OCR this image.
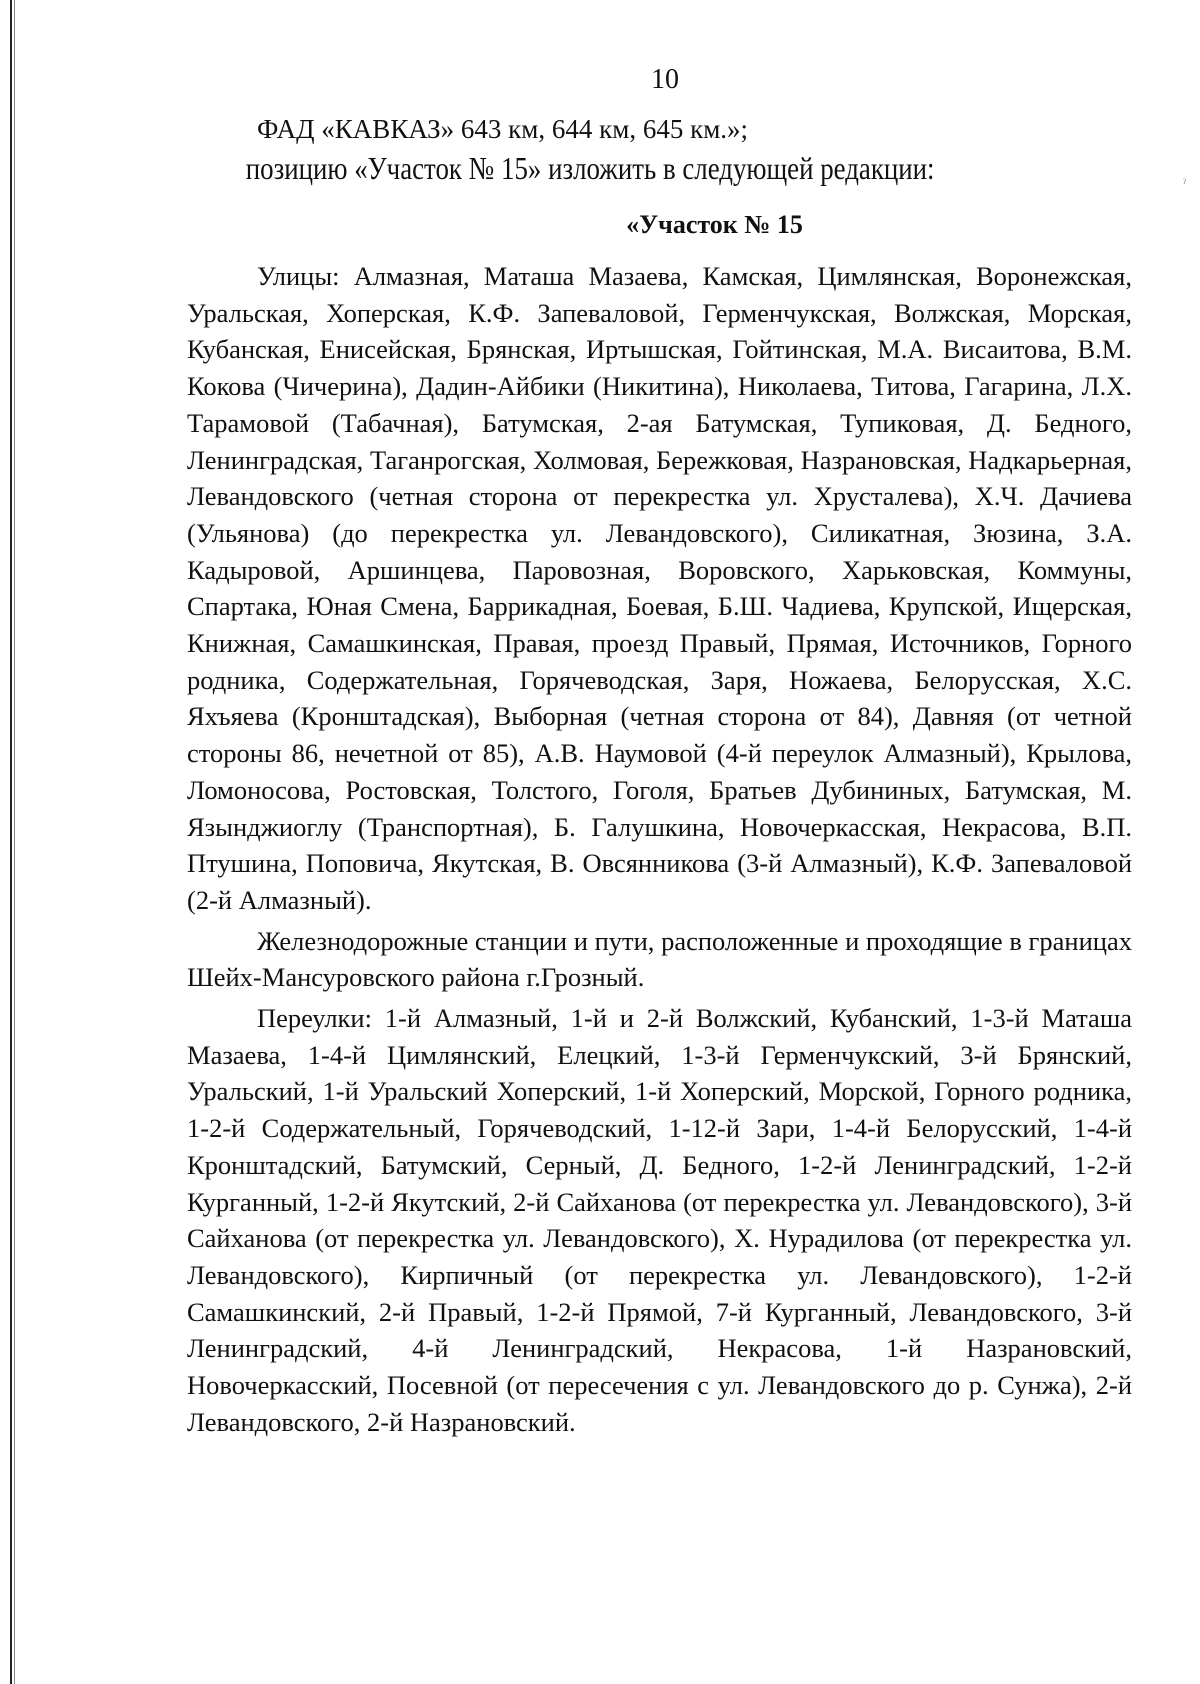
ˀ
10

ФАД «КАВКАЗ» 643 км, 644 км, 645 км.»;

позицию «Участок № 15» изложить в следующей редакции:

«Участок № 15

Улицы: Алмазная, Маташа Мазаева, Камская, Цимлянская, Воронежская, Уральская, Хоперская, К.Ф. Запеваловой, Герменчукская, Волжская, Морская, Кубанская, Енисейская, Брянская, Иртышская, Гойтинская, М.А. Висаитова, В.М. Кокова (Чичерина), Дадин-Айбики (Никитина), Николаева, Титова, Гагарина, Л.Х. Тарамовой (Табачная), Батумская, 2-ая Батумская, Тупиковая, Д. Бедного, Ленинградская, Таганрогская, Холмовая, Бережковая, Назрановская, Надкарьерная, Левандовского (четная сторона от перекрестка ул. Хрусталева), Х.Ч. Дачиева (Ульянова) (до перекрестка ул. Левандовского), Силикатная, Зюзина, З.А. Кадыровой, Аршинцева, Паровозная, Воровского, Харьковская, Коммуны, Спартака, Юная Смена, Баррикадная, Боевая, Б.Ш. Чадиева, Крупской, Ищерская, Книжная, Самашкинская, Правая, проезд Правый, Прямая, Источников, Горного родника, Содержательная, Горячеводская, Заря, Ножаева, Белорусская, Х.С. Яхъяева (Кронштадская), Выборная (четная сторона от 84), Давняя (от четной стороны 86, нечетной от 85), А.В. Наумовой (4-й переулок Алмазный), Крылова, Ломоносова, Ростовская, Толстого, Гоголя, Братьев Дубининых, Батумская, М. Язынджиоглу (Транспортная), Б. Галушкина, Новочеркасская, Некрасова, В.П. Птушина, Поповича, Якутская, В. Овсянникова (3-й Алмазный), К.Ф. Запеваловой (2-й Алмазный).

Железнодорожные станции и пути, расположенные и проходящие в границах Шейх-Мансуровского района г.Грозный.

Переулки: 1-й Алмазный, 1-й и 2-й Волжский, Кубанский, 1-3-й Маташа Мазаева, 1-4-й Цимлянский, Елецкий, 1-3-й Герменчукский, 3-й Брянский, Уральский, 1-й Уральский Хоперский, 1-й Хоперский, Морской, Горного родника, 1-2-й Содержательный, Горячеводский, 1-12-й Зари, 1-4-й Белорусский, 1-4-й Кронштадский, Батумский, Серный, Д. Бедного, 1-2-й Ленинградский, 1-2-й Курганный, 1-2-й Якутский, 2-й Сайханова (от перекрестка ул. Левандовского), 3-й Сайханова (от перекрестка ул. Левандовского), Х. Нурадилова (от перекрестка ул. Левандовского), Кирпичный (от перекрестка ул. Левандовского), 1-2-й Самашкинский, 2-й Правый, 1-2-й Прямой, 7-й Курганный, Левандовского, 3-й Ленинградский, 4-й Ленинградский, Некрасова, 1-й Назрановский, Новочеркасский, Посевной (от пересечения с ул. Левандовского до р. Сунжа), 2-й Левандовского, 2-й Назрановский.
